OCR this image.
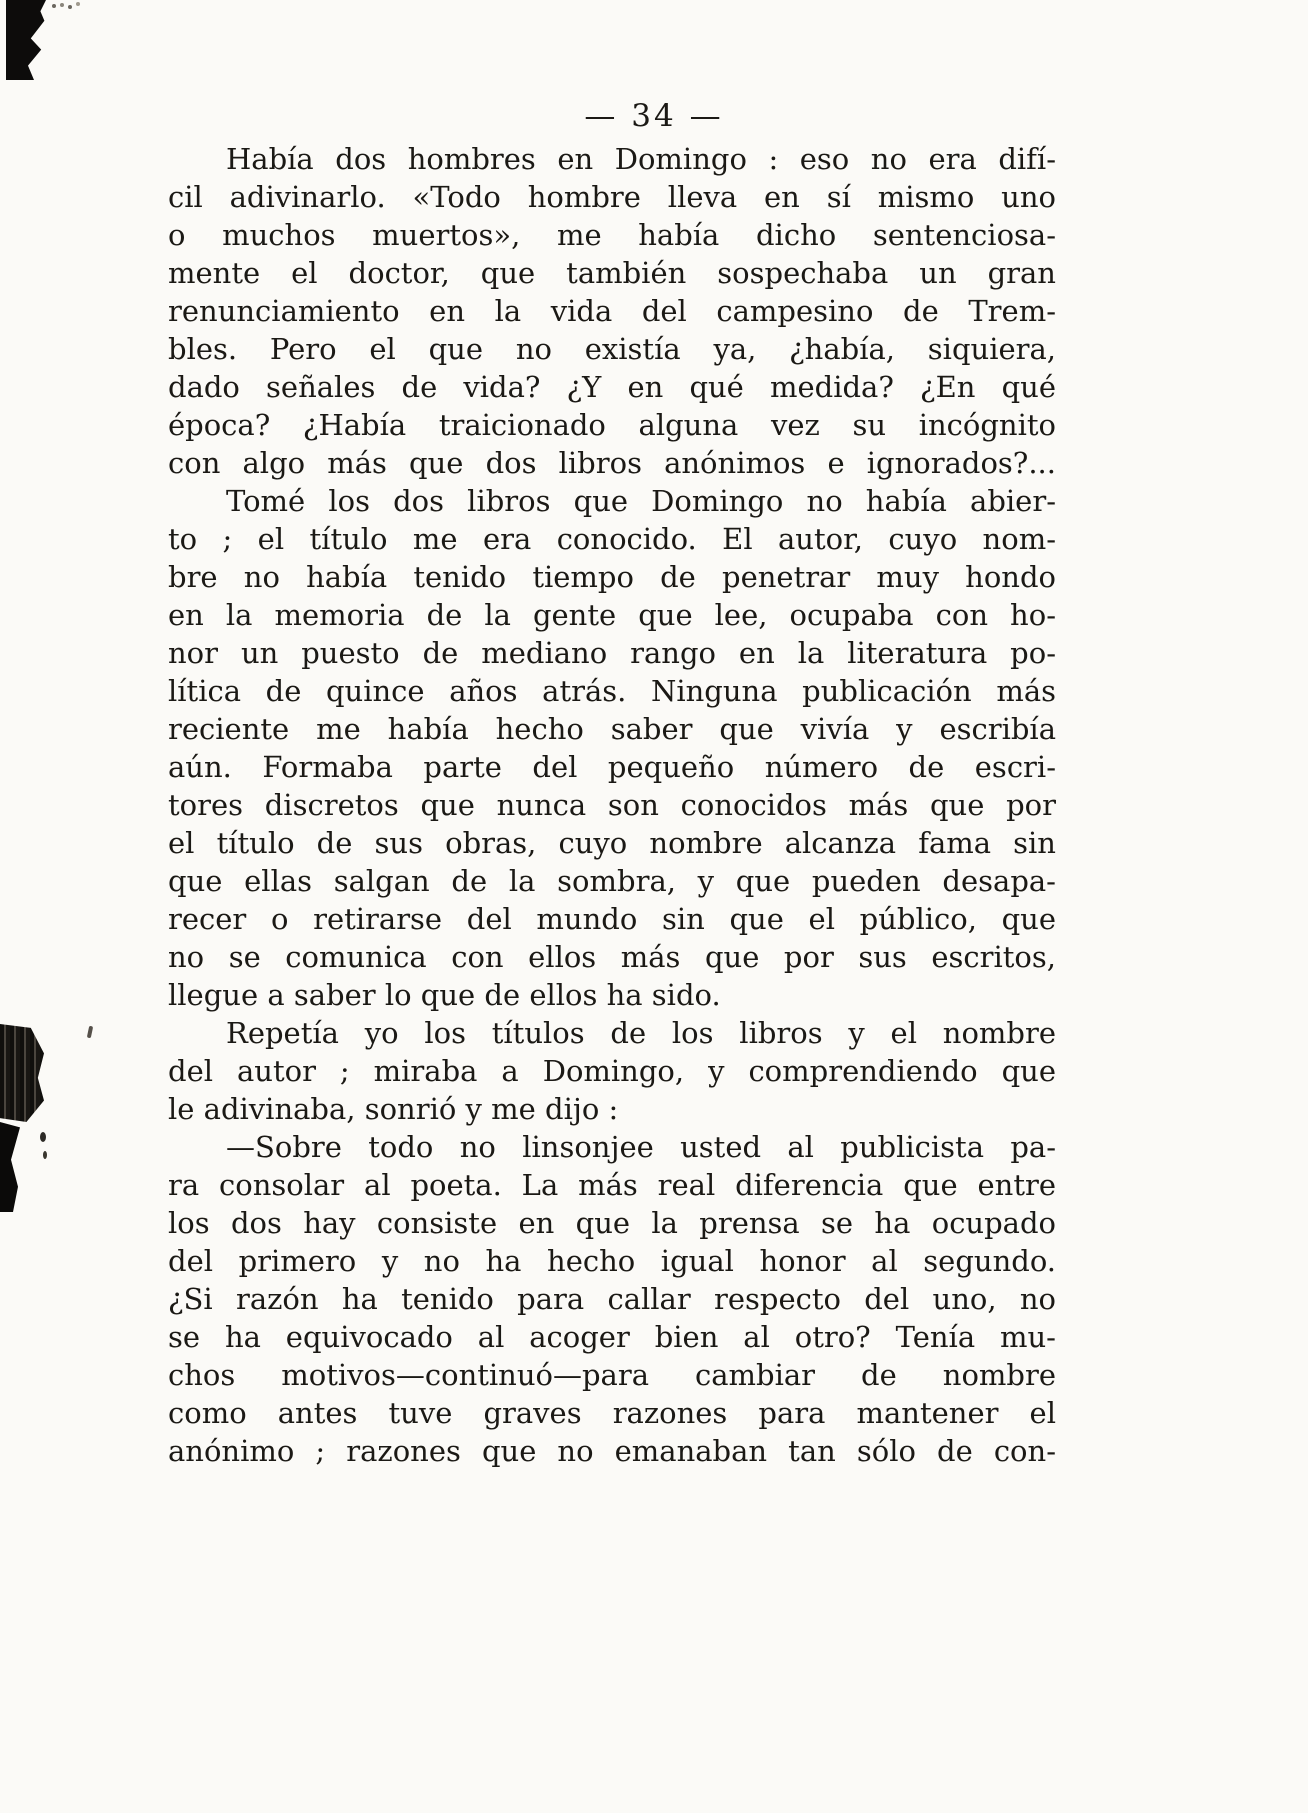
— 34 —
Había dos hombres en Domingo : eso no era difí-
cil adivinarlo. «Todo hombre lleva en sí mismo uno
o muchos muertos», me había dicho sentenciosa-
mente el doctor, que también sospechaba un gran
renunciamiento en la vida del campesino de Trem-
bles. Pero el que no existía ya, ¿había, siquiera,
dado señales de vida? ¿Y en qué medida? ¿En qué
época? ¿Había traicionado alguna vez su incógnito
con algo más que dos libros anónimos e ignorados?...
Tomé los dos libros que Domingo no había abier-
to ; el título me era conocido. El autor, cuyo nom-
bre no había tenido tiempo de penetrar muy hondo
en la memoria de la gente que lee, ocupaba con ho-
nor un puesto de mediano rango en la literatura po-
lítica de quince años atrás. Ninguna publicación más
reciente me había hecho saber que vivía y escribía
aún. Formaba parte del pequeño número de escri-
tores discretos que nunca son conocidos más que por
el título de sus obras, cuyo nombre alcanza fama sin
que ellas salgan de la sombra, y que pueden desapa-
recer o retirarse del mundo sin que el público, que
no se comunica con ellos más que por sus escritos,
llegue a saber lo que de ellos ha sido.
Repetía yo los títulos de los libros y el nombre
del autor ; miraba a Domingo, y comprendiendo que
le adivinaba, sonrió y me dijo :
—Sobre todo no linsonjee usted al publicista pa-
ra consolar al poeta. La más real diferencia que entre
los dos hay consiste en que la prensa se ha ocupado
del primero y no ha hecho igual honor al segundo.
¿Si razón ha tenido para callar respecto del uno, no
se ha equivocado al acoger bien al otro? Tenía mu-
chos motivos—continuó—para cambiar de nombre
como antes tuve graves razones para mantener el
anónimo ; razones que no emanaban tan sólo de con-
